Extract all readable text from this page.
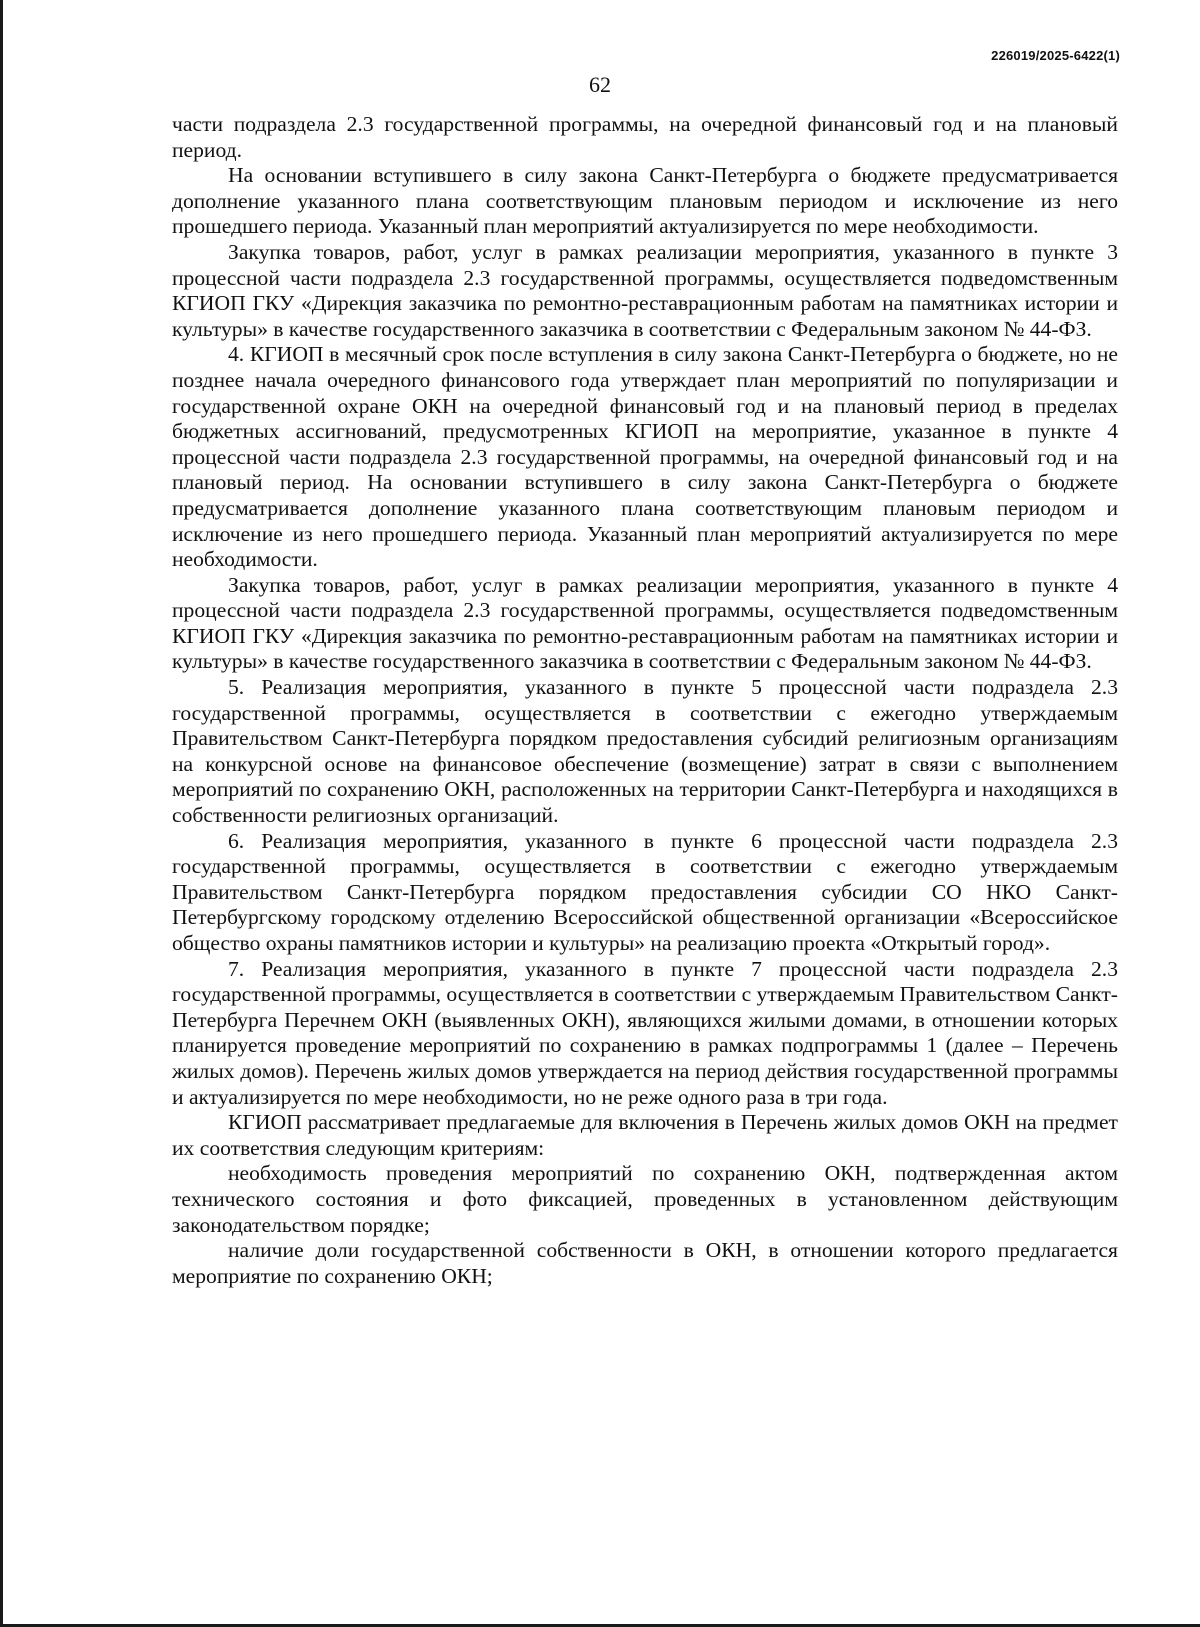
226019/2025-6422(1)
62

части подраздела 2.3 государственной программы, на очередной финансовый год и на плановый период.

На основании вступившего в силу закона Санкт-Петербурга о бюджете предусматривается дополнение указанного плана соответствующим плановым периодом и исключение из него прошедшего периода. Указанный план мероприятий актуализируется по мере необходимости.

Закупка товаров, работ, услуг в рамках реализации мероприятия, указанного в пункте 3 процессной части подраздела 2.3 государственной программы, осуществляется подведомственным КГИОП ГКУ «Дирекция заказчика по ремонтно-реставрационным работам на памятниках истории и культуры» в качестве государственного заказчика в соответствии с Федеральным законом № 44-ФЗ.

4. КГИОП в месячный срок после вступления в силу закона Санкт-Петербурга о бюджете, но не позднее начала очередного финансового года утверждает план мероприятий по популяризации и государственной охране ОКН на очередной финансовый год и на плановый период в пределах бюджетных ассигнований, предусмотренных КГИОП на мероприятие, указанное в пункте 4 процессной части подраздела 2.3 государственной программы, на очередной финансовый год и на плановый период. На основании вступившего в силу закона Санкт-Петербурга о бюджете предусматривается дополнение указанного плана соответствующим плановым периодом и исключение из него прошедшего периода. Указанный план мероприятий актуализируется по мере необходимости.

Закупка товаров, работ, услуг в рамках реализации мероприятия, указанного в пункте 4 процессной части подраздела 2.3 государственной программы, осуществляется подведомственным КГИОП ГКУ «Дирекция заказчика по ремонтно-реставрационным работам на памятниках истории и культуры» в качестве государственного заказчика в соответствии с Федеральным законом № 44-ФЗ.

5. Реализация мероприятия, указанного в пункте 5 процессной части подраздела 2.3 государственной программы, осуществляется в соответствии с ежегодно утверждаемым Правительством Санкт-Петербурга порядком предоставления субсидий религиозным организациям на конкурсной основе на финансовое обеспечение (возмещение) затрат в связи с выполнением мероприятий по сохранению ОКН, расположенных на территории Санкт-Петербурга и находящихся в собственности религиозных организаций.

6. Реализация мероприятия, указанного в пункте 6 процессной части подраздела 2.3 государственной программы, осуществляется в соответствии с ежегодно утверждаемым Правительством Санкт-Петербурга порядком предоставления субсидии СО НКО Санкт-Петербургскому городскому отделению Всероссийской общественной организации «Всероссийское общество охраны памятников истории и культуры» на реализацию проекта «Открытый город».

7. Реализация мероприятия, указанного в пункте 7 процессной части подраздела 2.3 государственной программы, осуществляется в соответствии с утверждаемым Правительством Санкт-Петербурга Перечнем ОКН (выявленных ОКН), являющихся жилыми домами, в отношении которых планируется проведение мероприятий по сохранению в рамках подпрограммы 1 (далее – Перечень жилых домов). Перечень жилых домов утверждается на период действия государственной программы и актуализируется по мере необходимости, но не реже одного раза в три года.

КГИОП рассматривает предлагаемые для включения в Перечень жилых домов ОКН на предмет их соответствия следующим критериям:

необходимость проведения мероприятий по сохранению ОКН, подтвержденная актом технического состояния и фото фиксацией, проведенных в установленном действующим законодательством порядке;

наличие доли государственной собственности в ОКН, в отношении которого предлагается мероприятие по сохранению ОКН;
